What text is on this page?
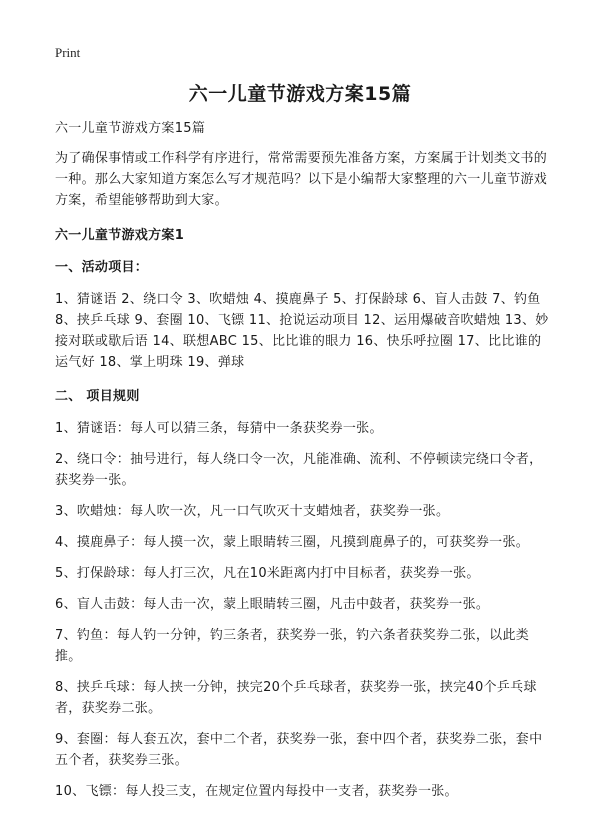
Print
六一儿童节游戏方案15篇

六一儿童节游戏方案15篇

为了确保事情或工作科学有序进行，常常需要预先准备方案，方案属于计划类文书的一种。那么大家知道方案怎么写才规范吗？以下是小编帮大家整理的六一儿童节游戏方案，希望能够帮助到大家。

六一儿童节游戏方案1

一、活动项目：

1、猜谜语 2、绕口令 3、吹蜡烛 4、摸鹿鼻子 5、打保龄球 6、盲人击鼓 7、钓鱼 8、挟乒乓球 9、套圈 10、飞镖 11、抢说运动项目 12、运用爆破音吹蜡烛 13、妙接对联或歇后语 14、联想ABC 15、比比谁的眼力 16、快乐呼拉圈 17、比比谁的运气好 18、掌上明珠 19、弹球

二、 项目规则

1、猜谜语：每人可以猜三条，每猜中一条获奖券一张。

2、绕口令：抽号进行，每人绕口令一次，凡能准确、流利、不停顿读完绕口令者，获奖券一张。

3、吹蜡烛：每人吹一次，凡一口气吹灭十支蜡烛者，获奖券一张。

4、摸鹿鼻子：每人摸一次，蒙上眼睛转三圈，凡摸到鹿鼻子的，可获奖券一张。

5、打保龄球：每人打三次，凡在10米距离内打中目标者，获奖券一张。

6、盲人击鼓：每人击一次，蒙上眼睛转三圈，凡击中鼓者，获奖券一张。

7、钓鱼：每人钓一分钟，钓三条者，获奖券一张，钓六条者获奖券二张，以此类推。

8、挟乒乓球：每人挟一分钟，挟完20个乒乓球者，获奖券一张，挟完40个乒乓球者，获奖券二张。

9、套圈：每人套五次，套中二个者，获奖券一张，套中四个者，获奖券二张，套中五个者，获奖券三张。

10、飞镖：每人投三支，在规定位置内每投中一支者，获奖券一张。
